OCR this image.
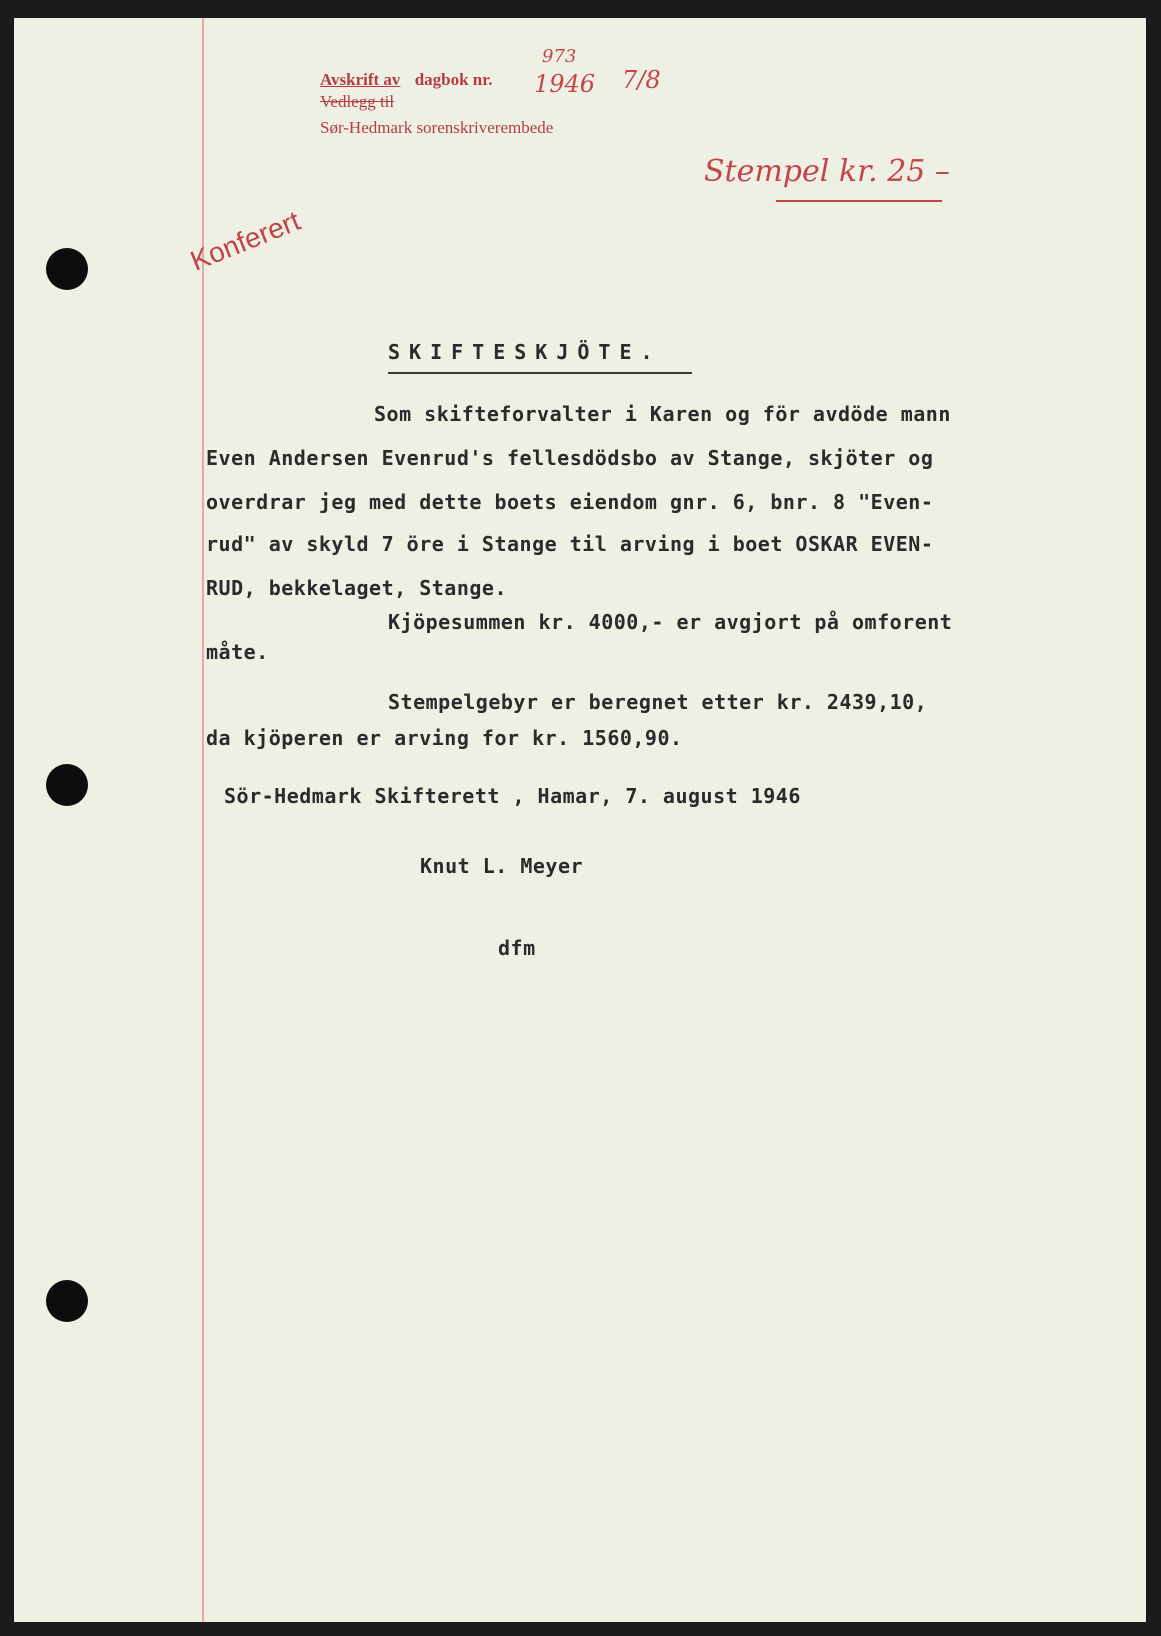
Avskrift av dagbok nr.
973
1946 7/8
Vedlegg til
Sør-Hedmark sorenskriverembede
Stempel kr. 25 –
Konferert
SKIFTESKJÖTE.
Som skifteforvalter i Karen og för avdöde mann
Even Andersen Evenrud's fellesdödsbo av Stange, skjöter og
overdrar jeg med dette boets eiendom gnr. 6, bnr. 8 "Even-
rud" av skyld 7 öre i Stange til arving i boet OSKAR EVEN-
RUD, bekkelaget, Stange.
Kjöpesummen kr. 4000,- er avgjort på omforent
måte.
Stempelgebyr er beregnet etter kr. 2439,10,
da kjöperen er arving for kr. 1560,90.
Sör-Hedmark Skifterett , Hamar, 7. august 1946
Knut L. Meyer
dfm
